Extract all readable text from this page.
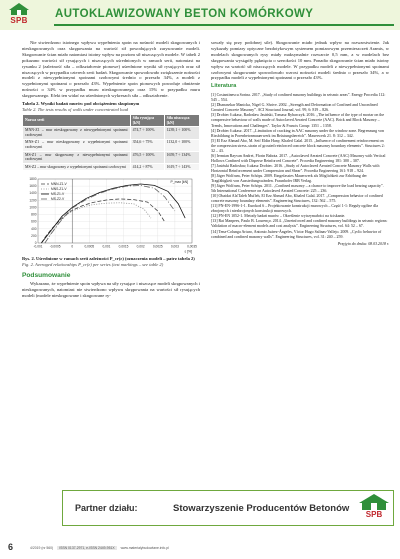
SPB
AUTOKLAWIZOWANY BETON KOMÓRKOWY

Nie stwierdzono istotnego wpływu wypełnienia spoin na nośność modeli skrępowanych i nieskrępowanych oraz skrępowania na wartość sił powodujących zarysowanie modeli. Skrępowanie ścian miało natomiast istotny wpływ na poziom sił niszczących modele. W tabeli 2 pokazano wartości sił rysujących i niszczących uśrednionych w ramach serii, natomiast na rysunku 2 (zależność siła – odkształcenie pionowe) uśrednione wyniki sił rysujących oraz sił niszczących w przypadku czterech serii badań. Skrępowanie spowodowało zwiększenie nośności modeli z niewypełnionymi spoinami czołowymi średnio o przeszło 34%, a modeli z wypełnionymi spoinami o przeszło 43%. Wypełnienie spoin pionowych powoduje obniżenie nośności o 34% w przypadku muru nieskrępowanego oraz 15% w przypadku muru skrępowanego. Efekt ten widać na uśrednionych wykresach siła – odkształcenie.

Tabela 2. Wyniki badań murów pod obciążeniem skupionym
Table 2. The tests results of walls under concentrated load
Nazwa serii	Siła rysująca [kN]	Siła niszcząca [kN]
MNN-Z1 – mur nieskrępowany z niewypełnionymi spoinami czołowymi	474,7 ÷ 100%	1239,1 ÷ 100%
MNS-Z1 – mur nieskrępowany z wypełnionymi spoinami czołowymi	354,6 ÷ 75%	1132,0 ÷ 100%
MS-Z1 – mur skrępowany z niewypełnionymi spoinami czołowymi	476,5 ÷ 100%	1659,7 ÷ 134%
MS-Z2 – mur skrępowany z wypełnionymi spoinami czołowymi	414,2 ÷ 87%	1619,7 ÷ 143%
-0,001 -0,0005	0	0,0005	0,001	0,0015	0,002	0,0025	0,003	0,0035
0
200
400
600
800
1000
1200
1400
1600
1800
P_max [kN]
ε [%]
MNN-Z1-V
MNS-Z1-V
MS-Z1-V
MS-Z2-V
Rys. 2. Uśrednione w ramach serii zależności P_cr(ε) (oznaczenia modeli – patrz tabela 2)
Fig. 2. Averaged relationships P_cr(ε) per series (test markings – see table 2)
Podsumowanie

Wykazano, że wypełnienie spoin wpływa na siły rysujące i niszczące modeli skrępowanych i nieskrępowanych, natomiast nie stwierdzono wpływu skrępowania na wartości sił rysujących modeli (modele nieskrępowane i skrępowane ry-

sowały się przy podobnej sile). Skrępowanie miało jednak wpływ na rozwarstwienie. Jak wykazały pomiary optyczne bezdotykowym systemem pomiarowym przemieszczeń Aramis, w modelach skrępowanych rysy miały maksymalnie rozwarcie 0,5 mm, a w modelach bez skrępowania wystąpiły pęknięcia o szerokości 10 mm. Ponadto skrępowanie ścian miało istotny wpływ na wartość sił niszczących modele. W przypadku modeli z niewypełnionymi spoinami czołowymi skrępowanie spowodowało wzrost nośności modeli średnio o przeszło 34%, a w przypadku modeli z wypełnionymi spoinami o przeszło 43%.

Literatura
[1] Costantinescu Sorina. 2017. „Study of confined masonry buildings in seismic areas”. Energy Procedia 112: 545 – 554.
[2] Dhanasekar Manicka, Nigel G. Shrive. 2002. „Strength and Deformation of Confined and Unconfined Grouted Concrete Masonry”. ACI Structural Journal, vol. 99, 6: 819 – 826.
[3] Drobiec Łukasz, Radosław Jasiński, Tomasz Rybarczyk. 2016. „The influence of the type of mortar on the compressive behaviour of walls made of Autoclaved Aerated Concrete (AAC). Brick and Block Masonry – Trends, Innovations and Challenges”. Taylor & Francis Group: 1351 – 1358.
[4] Drobiec Łukasz. 2017. „Limitation of cracking in AAC masonry under the window zone. Begrenzung von Rissbildung in Porenbetonmauerwerk im Brüstungsbereich”. Mauerwerk 21. 8: 312 – 342.
[5] El Ezz Ahmad Abo, M. Seif Eldin Hany, Khaled Galal. 2015. „Influence of confinement reinforcement on the compression stress–strain of grouted reinforced concrete block masonry boundary elements”. Structures 2: 32 – 43.
[6] Iermian Rayvan Andrei, Florin Babota. 2017. „Autoclaved Aerated Concrete (AAC) Masonry with Vertical Hollows Confined with Disperse Reinforced Concrete”. Procedia Engineering 181: 300 – 307.
[7] Jasiński Radosław, Łukasz Drobiec. 2016. „Study of Autoclaved Aerated Concrete Masonry Walls with Horizontal Reinforcement under Compression and Shear”. Procedia Engineering 161: 918 – 924.
[8] Jäger Wolfram, Peter Schöps. 2009. Eingefasstes Mauerwerk als Möglichkeit zur Erhöhung der Tragfähigkeit von Aussteifungswänden. Fraunhofer IRB Verlag.
[9] Jäger Wolfram, Peter Schöps. 2011. „Confined masonry – a chance to improve the load bearing capacity”. 5th International Conference on Autoclaved Aerated Concrete: 225 – 236.
[10] Obaidat Ala'Taleb Mufleh, El Ezz Ahmad Abo, Khaled Galal. 2017. „Compression behavior of confined concrete masonry boundary elements”. Engineering Structures, 132: 562 – 575.
[11] PN-EN-1996-1-1. Eurokod 6 – Projektowanie konstrukcji murowych – Część 1-1: Reguły ogólne dla zbrojonych i niezbrojonych konstrukcji murowych.
[12] PN-EN 1052-1. Metody badań murów – Określenie wytrzymałości na ściskanie.
[13] Rai Manpees, Paulo B. Lourenço. 2014. „Unreinforced and confined masonry buildings in seismic regions: Validation of macro-element models and cost analysis”. Engineering Structures, vol. 64: 52 – 67.
[14] Tena-Colunga Arturo, Antonio Juárez-Ángeles, Víctor Hugo Salinas-Vallejo. 2009. „Cyclic behavior of combined and confined masonry walls”. Engineering Structures, vol. 31: 240 – 259.
Przyjęto do druku: 08.03.2018 r.
Partner działu:	Stowarzyszenie Producentów Betonów
SPB
6	4/2019 (nr 560)	ISSN 0137-2971, e-ISSN 2449-951X	www.materialybudowlane.info.pl
